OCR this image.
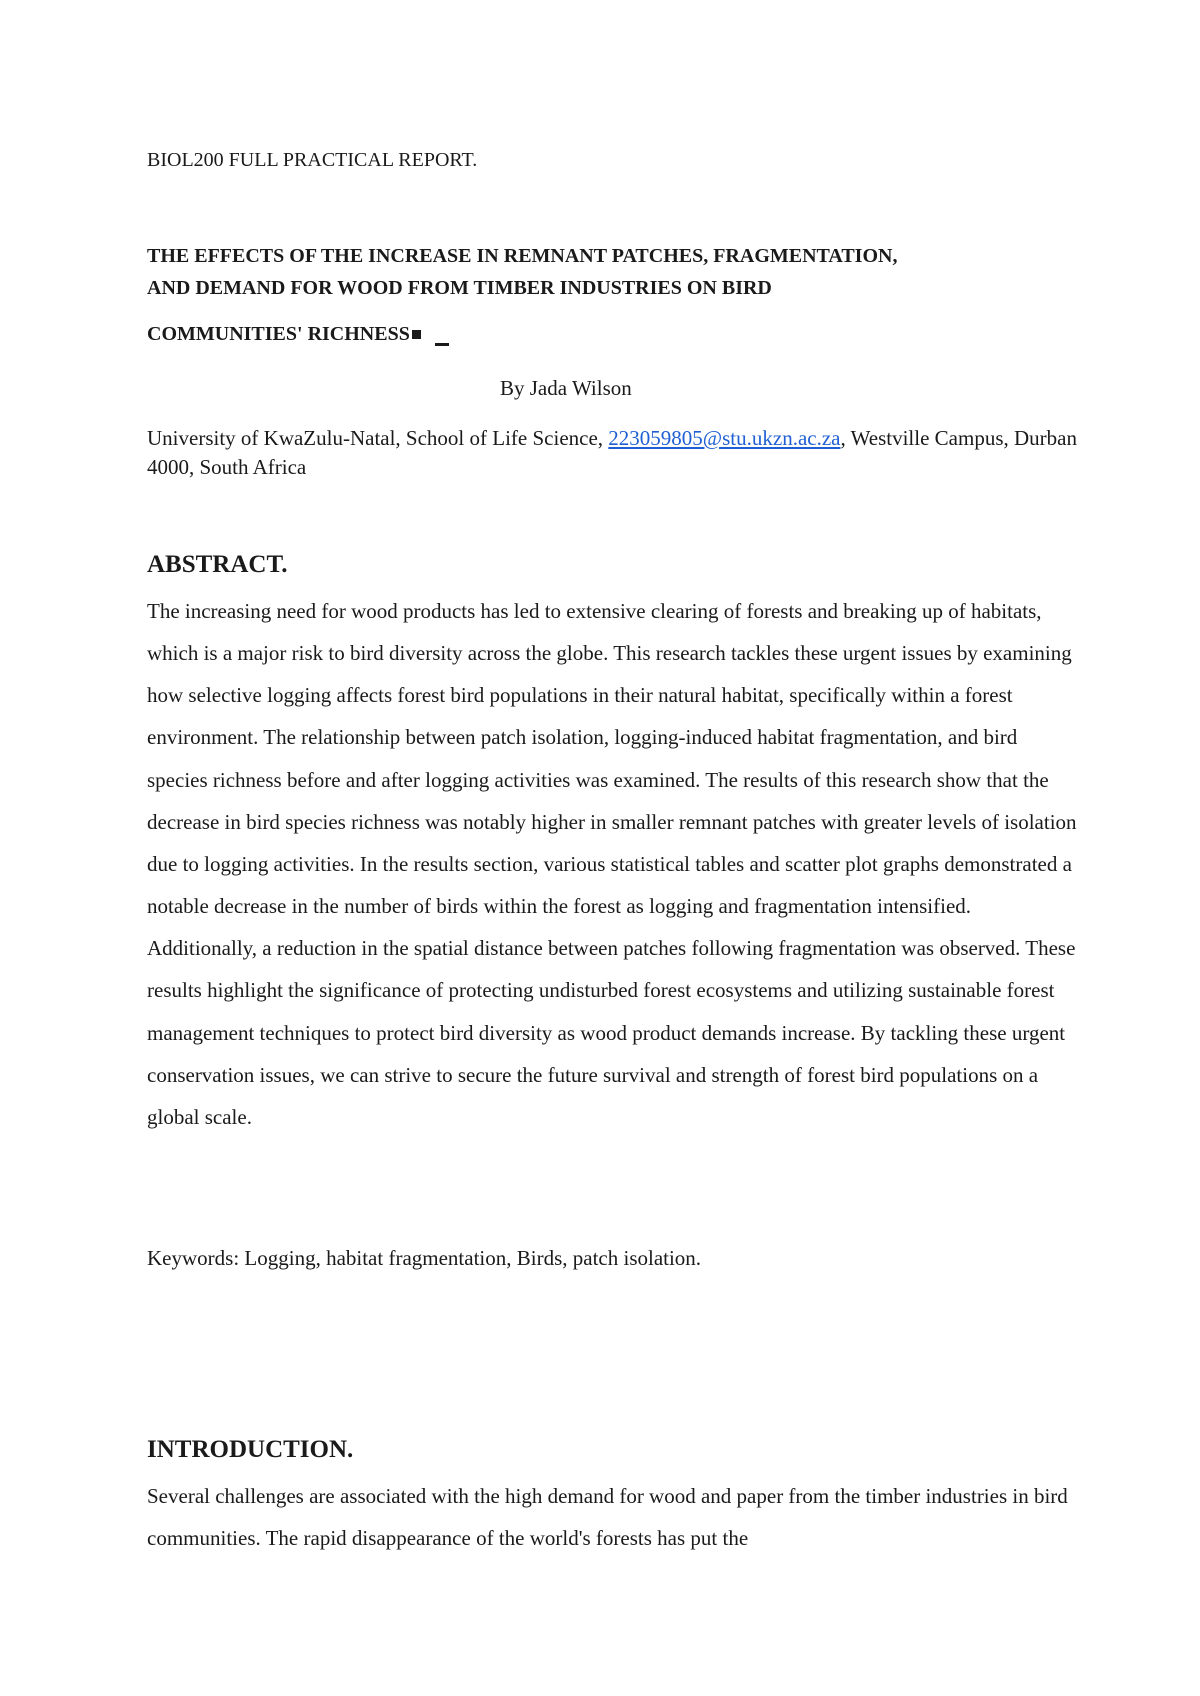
BIOL200 FULL PRACTICAL REPORT.

THE EFFECTS OF THE INCREASE IN REMNANT PATCHES, FRAGMENTATION,
AND DEMAND FOR WOOD FROM TIMBER INDUSTRIES ON BIRD
COMMUNITIES' RICHNESS

By Jada Wilson

University of KwaZulu-Natal, School of Life Science, 223059805@stu.ukzn.ac.za, Westville Campus, Durban 4000, South Africa

ABSTRACT.

The increasing need for wood products has led to extensive clearing of forests and breaking up of habitats, which is a major risk to bird diversity across the globe. This research tackles these urgent issues by examining how selective logging affects forest bird populations in their natural habitat, specifically within a forest environment. The relationship between patch isolation, logging-induced habitat fragmentation, and bird species richness before and after logging activities was examined. The results of this research show that the decrease in bird species richness was notably higher in smaller remnant patches with greater levels of isolation due to logging activities. In the results section, various statistical tables and scatter plot graphs demonstrated a notable decrease in the number of birds within the forest as logging and fragmentation intensified. Additionally, a reduction in the spatial distance between patches following fragmentation was observed. These results highlight the significance of protecting undisturbed forest ecosystems and utilizing sustainable forest management techniques to protect bird diversity as wood product demands increase. By tackling these urgent conservation issues, we can strive to secure the future survival and strength of forest bird populations on a global scale.

Keywords: Logging, habitat fragmentation, Birds, patch isolation.

INTRODUCTION.

Several challenges are associated with the high demand for wood and paper from the timber industries in bird communities. The rapid disappearance of the world's forests has put the
